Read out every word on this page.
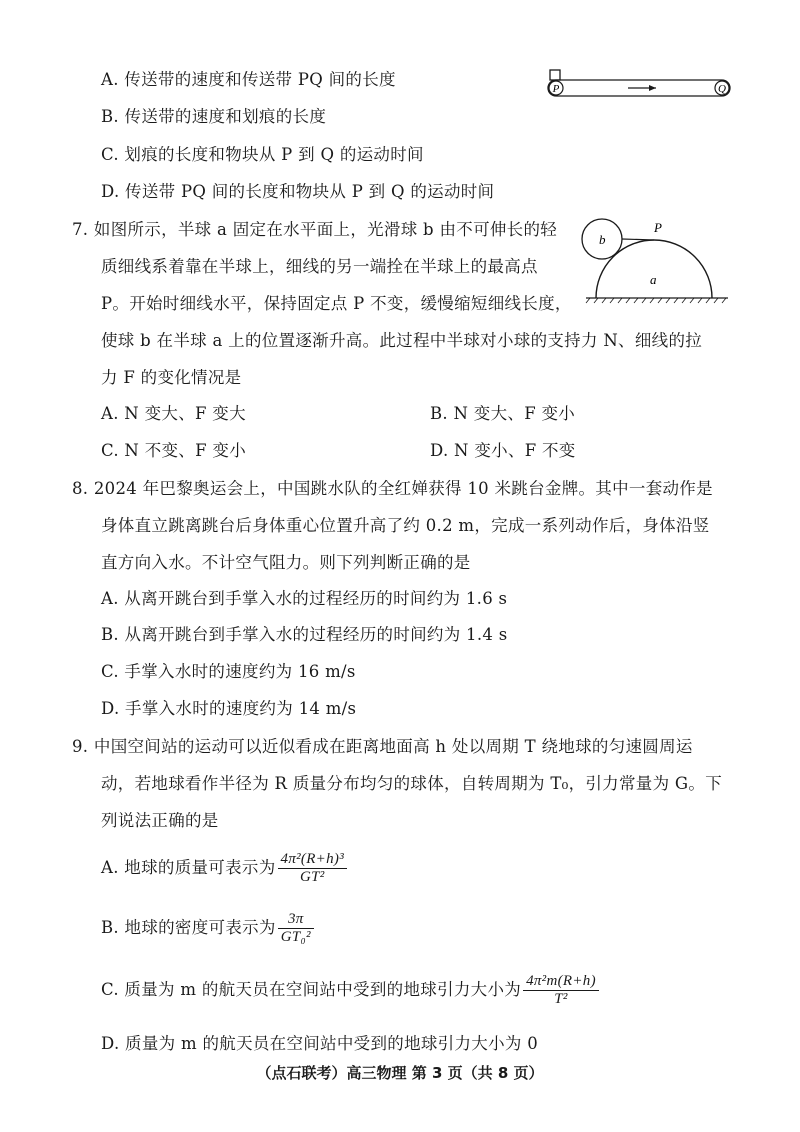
A. 传送带的速度和传送带 PQ 间的长度
B. 传送带的速度和划痕的长度
C. 划痕的长度和物块从 P 到 Q 的运动时间
D. 传送带 PQ 间的长度和物块从 P 到 Q 的运动时间
P	Q
7. 如图所示，半球 a 固定在水平面上，光滑球 b 由不可伸长的轻
质细线系着靠在半球上，细线的另一端拴在半球上的最高点
P。开始时细线水平，保持固定点 P 不变，缓慢缩短细线长度，
使球 b 在半球 a 上的位置逐渐升高。此过程中半球对小球的支持力 N、细线的拉
力 F 的变化情况是
A. N 变大、F 变大	B. N 变大、F 变小
C. N 不变、F 变小	D. N 变小、F 不变
b
P
a
8. 2024 年巴黎奥运会上，中国跳水队的全红婵获得 10 米跳台金牌。其中一套动作是
身体直立跳离跳台后身体重心位置升高了约 0.2 m，完成一系列动作后，身体沿竖
直方向入水。不计空气阻力。则下列判断正确的是
A. 从离开跳台到手掌入水的过程经历的时间约为 1.6 s
B. 从离开跳台到手掌入水的过程经历的时间约为 1.4 s
C. 手掌入水时的速度约为 16 m/s
D. 手掌入水时的速度约为 14 m/s
9. 中国空间站的运动可以近似看成在距离地面高 h 处以周期 T 绕地球的匀速圆周运
动，若地球看作半径为 R 质量分布均匀的球体，自转周期为 T₀，引力常量为 G。下
列说法正确的是
A. 地球的质量可表示为 $\frac{\text{4π²(R+h)³}}{\text{GT²}}$
B. 地球的密度可表示为 $\frac{3\pi}{\text{GT₀²}}$
C. 质量为 m 的航天员在空间站中受到的地球引力大小为 $\frac{\text{4π²m(R+h)}}{\text{T²}}$
D. 质量为 m 的航天员在空间站中受到的地球引力大小为 0
（点石联考）高三物理 第 3 页（共 8 页）
